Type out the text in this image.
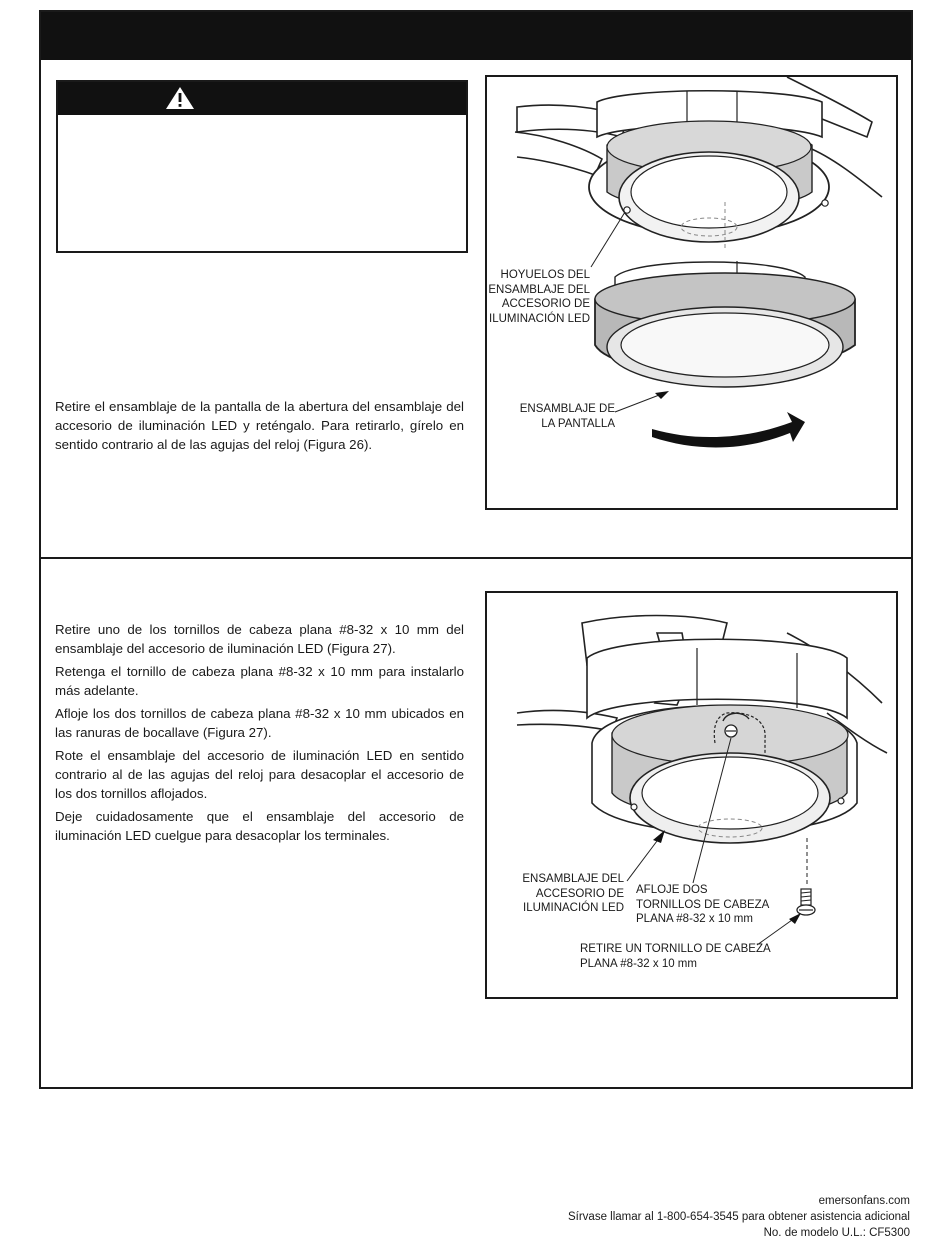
Retire el ensamblaje de la pantalla de la abertura del ensamblaje del accesorio de iluminación LED y reténgalo. Para retirarlo, gírelo en sentido contrario al de las agujas del reloj (Figura 26).

HOYUELOS DEL
ENSAMBLAJE DEL
ACCESORIO DE
ILUMINACIÓN LED
ENSAMBLAJE DE
LA PANTALLA

Retire uno de los tornillos de cabeza plana #8-32 x 10 mm del ensamblaje del accesorio de iluminación LED (Figura 27).

Retenga el tornillo de cabeza plana #8-32 x 10 mm para instalarlo más adelante.

Afloje los dos tornillos de cabeza plana #8-32 x 10 mm ubicados en las ranuras de bocallave (Figura 27).

Rote el ensamblaje del accesorio de iluminación LED en sentido contrario al de las agujas del reloj para desacoplar el accesorio de los dos tornillos aflojados.

Deje cuidadosamente que el ensamblaje del accesorio de iluminación LED cuelgue para desacoplar los terminales.

ENSAMBLAJE DEL
ACCESORIO DE
ILUMINACIÓN LED
AFLOJE DOS
TORNILLOS DE CABEZA
PLANA #8-32 x 10 mm
RETIRE UN TORNILLO DE CABEZA
PLANA #8-32 x 10 mm
emersonfans.com
Sírvase llamar al 1-800-654-3545 para obtener asistencia adicional
No. de modelo U.L.: CF5300
